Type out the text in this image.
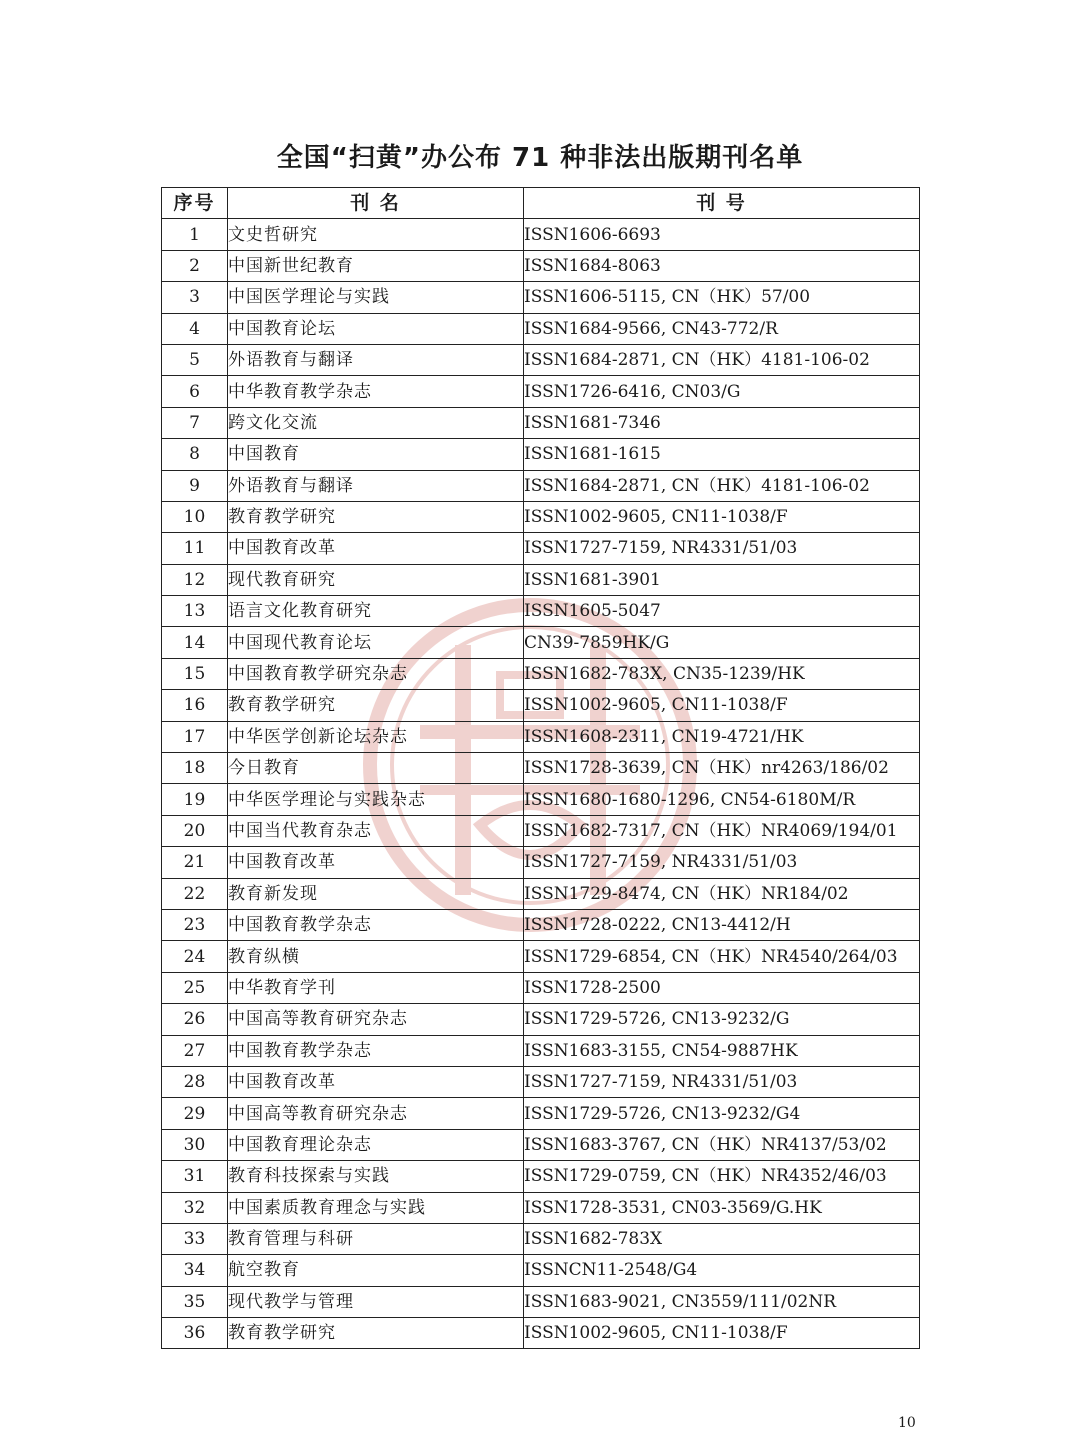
全国“扫黄”办公布 71 种非法出版期刊名单
序号	刊 名	刊 号
1	文史哲研究	ISSN1606-6693
2	中国新世纪教育	ISSN1684-8063
3	中国医学理论与实践	ISSN1606-5115, CN（HK）57/00
4	中国教育论坛	ISSN1684-9566, CN43-772/R
5	外语教育与翻译	ISSN1684-2871, CN（HK）4181-106-02
6	中华教育教学杂志	ISSN1726-6416, CN03/G
7	跨文化交流	ISSN1681-7346
8	中国教育	ISSN1681-1615
9	外语教育与翻译	ISSN1684-2871, CN（HK）4181-106-02
10	教育教学研究	ISSN1002-9605, CN11-1038/F
11	中国教育改革	ISSN1727-7159, NR4331/51/03
12	现代教育研究	ISSN1681-3901
13	语言文化教育研究	ISSN1605-5047
14	中国现代教育论坛	CN39-7859HK/G
15	中国教育教学研究杂志	ISSN1682-783X, CN35-1239/HK
16	教育教学研究	ISSN1002-9605, CN11-1038/F
17	中华医学创新论坛杂志	ISSN1608-2311, CN19-4721/HK
18	今日教育	ISSN1728-3639, CN（HK）nr4263/186/02
19	中华医学理论与实践杂志	ISSN1680-1680-1296, CN54-6180M/R
20	中国当代教育杂志	ISSN1682-7317, CN（HK）NR4069/194/01
21	中国教育改革	ISSN1727-7159, NR4331/51/03
22	教育新发现	ISSN1729-8474, CN（HK）NR184/02
23	中国教育教学杂志	ISSN1728-0222, CN13-4412/H
24	教育纵横	ISSN1729-6854, CN（HK）NR4540/264/03
25	中华教育学刊	ISSN1728-2500
26	中国高等教育研究杂志	ISSN1729-5726, CN13-9232/G
27	中国教育教学杂志	ISSN1683-3155, CN54-9887HK
28	中国教育改革	ISSN1727-7159, NR4331/51/03
29	中国高等教育研究杂志	ISSN1729-5726, CN13-9232/G4
30	中国教育理论杂志	ISSN1683-3767, CN（HK）NR4137/53/02
31	教育科技探索与实践	ISSN1729-0759, CN（HK）NR4352/46/03
32	中国素质教育理念与实践	ISSN1728-3531, CN03-3569/G.HK
33	教育管理与科研	ISSN1682-783X
34	航空教育	ISSNCN11-2548/G4
35	现代教学与管理	ISSN1683-9021, CN3559/111/02NR
36	教育教学研究	ISSN1002-9605, CN11-1038/F
10
